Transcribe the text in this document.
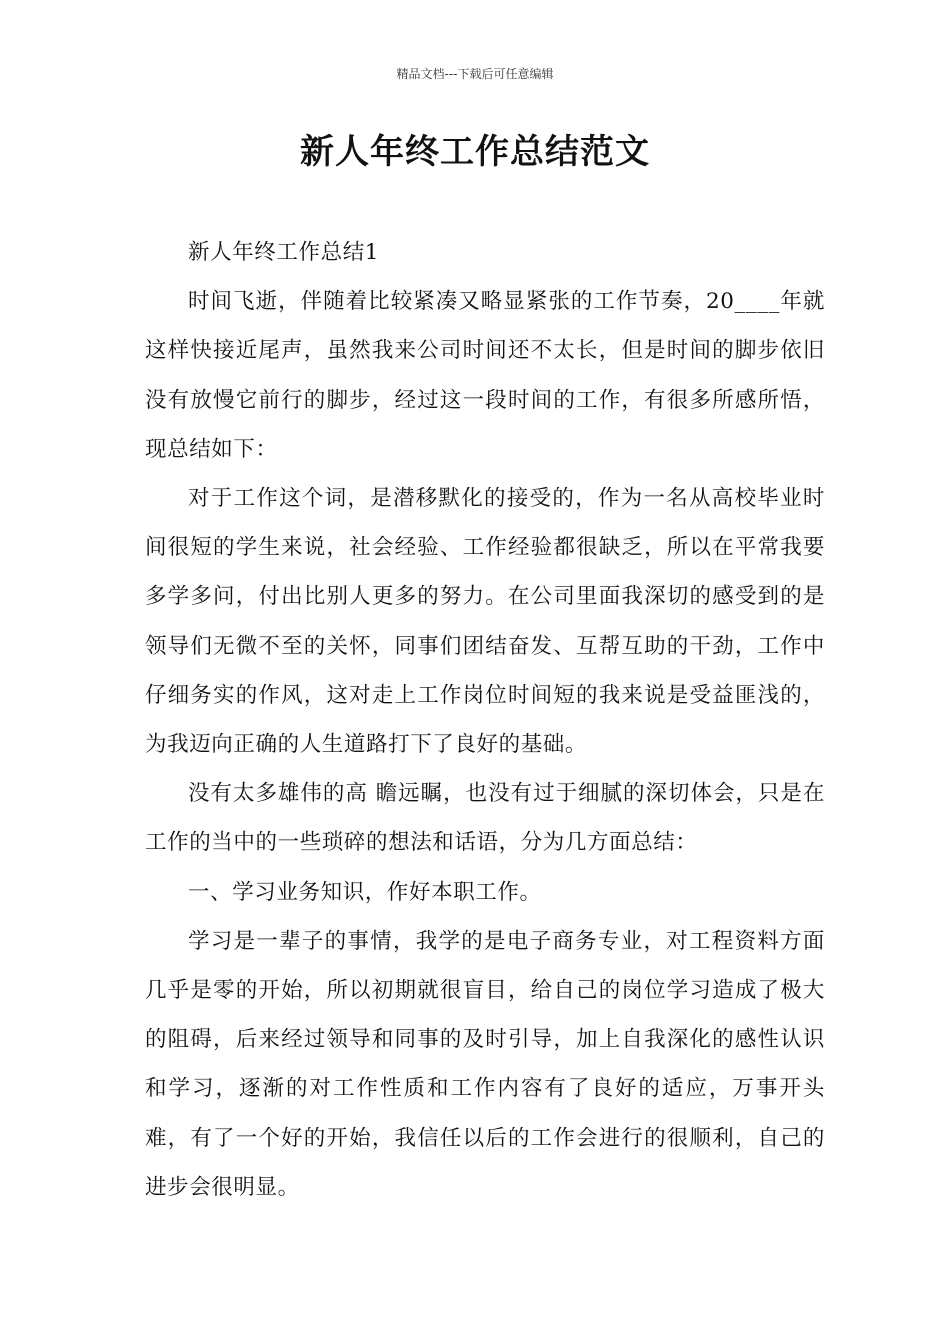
精品文档---下载后可任意编辑
新人年终工作总结范文

新人年终工作总结1

时间飞逝，伴随着比较紧凑又略显紧张的工作节奏，20____年就这样快接近尾声，虽然我来公司时间还不太长，但是时间的脚步依旧没有放慢它前行的脚步，经过这一段时间的工作，有很多所感所悟，现总结如下：

对于工作这个词，是潜移默化的接受的，作为一名从高校毕业时间很短的学生来说，社会经验、工作经验都很缺乏，所以在平常我要多学多问，付出比别人更多的努力。在公司里面我深切的感受到的是领导们无微不至的关怀，同事们团结奋发、互帮互助的干劲，工作中仔细务实的作风，这对走上工作岗位时间短的我来说是受益匪浅的，为我迈向正确的人生道路打下了良好的基础。

没有太多雄伟的高 瞻远瞩，也没有过于细腻的深切体会，只是在工作的当中的一些琐碎的想法和话语，分为几方面总结：

一、学习业务知识，作好本职工作。

学习是一辈子的事情，我学的是电子商务专业，对工程资料方面几乎是零的开始，所以初期就很盲目，给自己的岗位学习造成了极大的阻碍，后来经过领导和同事的及时引导，加上自我深化的感性认识和学习，逐渐的对工作性质和工作内容有了良好的适应，万事开头难，有了一个好的开始，我信任以后的工作会进行的很顺利，自己的进步会很明显。
